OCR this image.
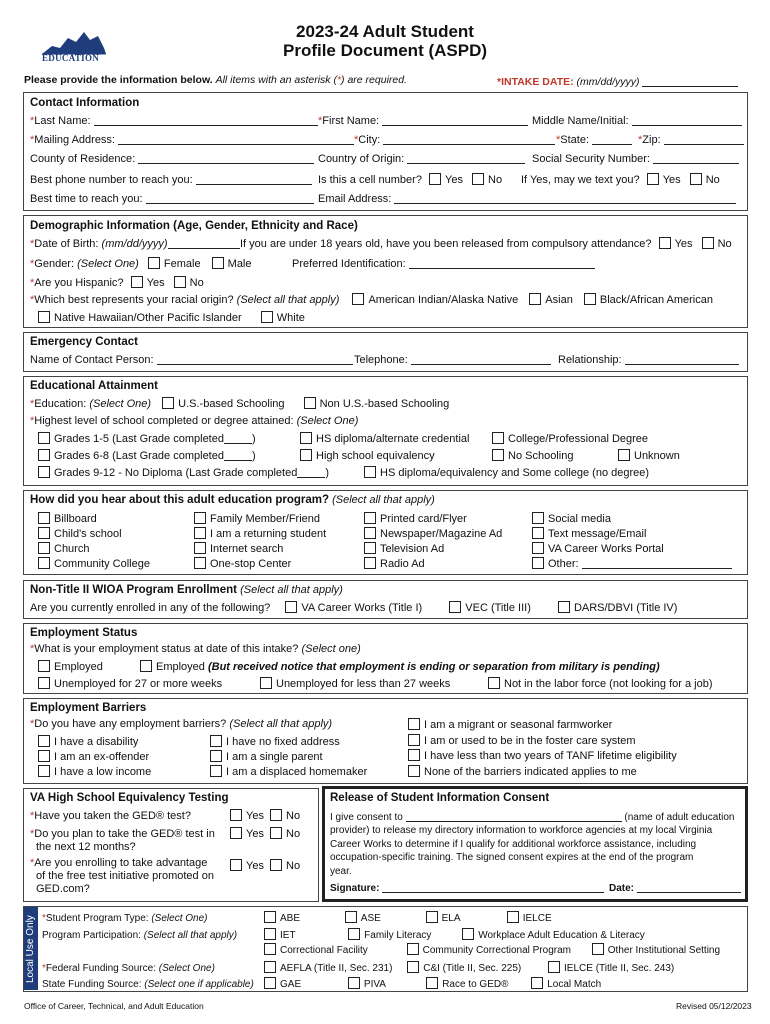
EDUCATION
2023-24 Adult Student
Profile Document (ASPD)
Please provide the information below. All items with an asterisk (*) are required.	*INTAKE DATE: (mm/dd/yyyy)
Contact Information
*Last Name:	*First Name:	Middle Name/Initial:
*Mailing Address:	*City:	*State:	*Zip:
County of Residence:	Country of Origin:	Social Security Number:
Best phone number to reach you:	Is this a cell number? Yes No If Yes, may we text you? Yes No
Best time to reach you:	Email Address:
Demographic Information (Age, Gender, Ethnicity and Race)
*Date of Birth: (mm/dd/yyyy)	If you are under 18 years old, have you been released from compulsory attendance? Yes No
*Gender: (Select One) Female Male	Preferred Identification:
*Are you Hispanic? Yes No
*Which best represents your racial origin? (Select all that apply)	American Indian/Alaska Native Asian Black/African American
Native Hawaiian/Other Pacific Islander	White
Emergency Contact
Name of Contact Person:	Telephone:	Relationship:
Educational Attainment
*Education: (Select One) U.S.-based Schooling	Non U.S.-based Schooling
*Highest level of school completed or degree attained: (Select One)
Grades 1-5 (Last Grade completed	)
Grades 6-8 (Last Grade completed	)
Grades 9-12 - No Diploma (Last Grade completed	)
HS diploma/alternate credential
High school equivalency
HS diploma/equivalency and Some college (no degree)
College/Professional Degree
No Schooling	Unknown
How did you hear about this adult education program? (Select all that apply)
Billboard
Child's school
Church
Community College
Family Member/Friend
I am a returning student
Internet search
One-stop Center
Printed card/Flyer
Newspaper/Magazine Ad
Television Ad
Radio Ad
Social media
Text message/Email
VA Career Works Portal
Other:
Non-Title II WIOA Program Enrollment (Select all that apply)
Are you currently enrolled in any of the following?	VA Career Works (Title I)	VEC (Title III)	DARS/DBVI (Title IV)
Employment Status
*What is your employment status at date of this intake? (Select one)
Employed	Employed (But received notice that employment is ending or separation from military is pending)
Unemployed for 27 or more weeks	Unemployed for less than 27 weeks	Not in the labor force (not looking for a job)
Employment Barriers
*Do you have any employment barriers? (Select all that apply)
I have a disability
I am an ex-offender
I have a low income
I have no fixed address
I am a single parent
I am a displaced homemaker
I am a migrant or seasonal farmworker
I am or used to be in the foster care system
I have less than two years of TANF lifetime eligibility
None of the barriers indicated applies to me
VA High School Equivalency Testing
*Have you taken the GED® test?	Yes No
*Do you plan to take the GED® test in
the next 12 months?
Yes No
*Are you enrolling to take advantage
of the free test initiative promoted on
GED.com?
Yes No
Release of Student Information Consent
I give consent to	(name of adult education
provider) to release my directory information to workforce agencies at my local Virginia
Career Works to determine if I qualify for additional workforce assistance, including
occupation-specific training. The signed consent expires at the end of the program
year.
Signature:	Date:
Local Use Only *Student Program Type: (Select One)	ABE	ASE	ELA	IELCE
Program Participation: (Select all that apply)	IET	Family Literacy	Workplace Adult Education & Literacy
Correctional Facility	Community Correctional Program	Other Institutional Setting
*Federal Funding Source: (Select One)	AEFLA (Title II, Sec. 231)	C&I (Title II, Sec. 225)	IELCE (Title II, Sec. 243)
State Funding Source: (Select one if applicable)	GAE	PIVA	Race to GED®	Local Match
Office of Career, Technical, and Adult Education	Revised 05/12/2023
